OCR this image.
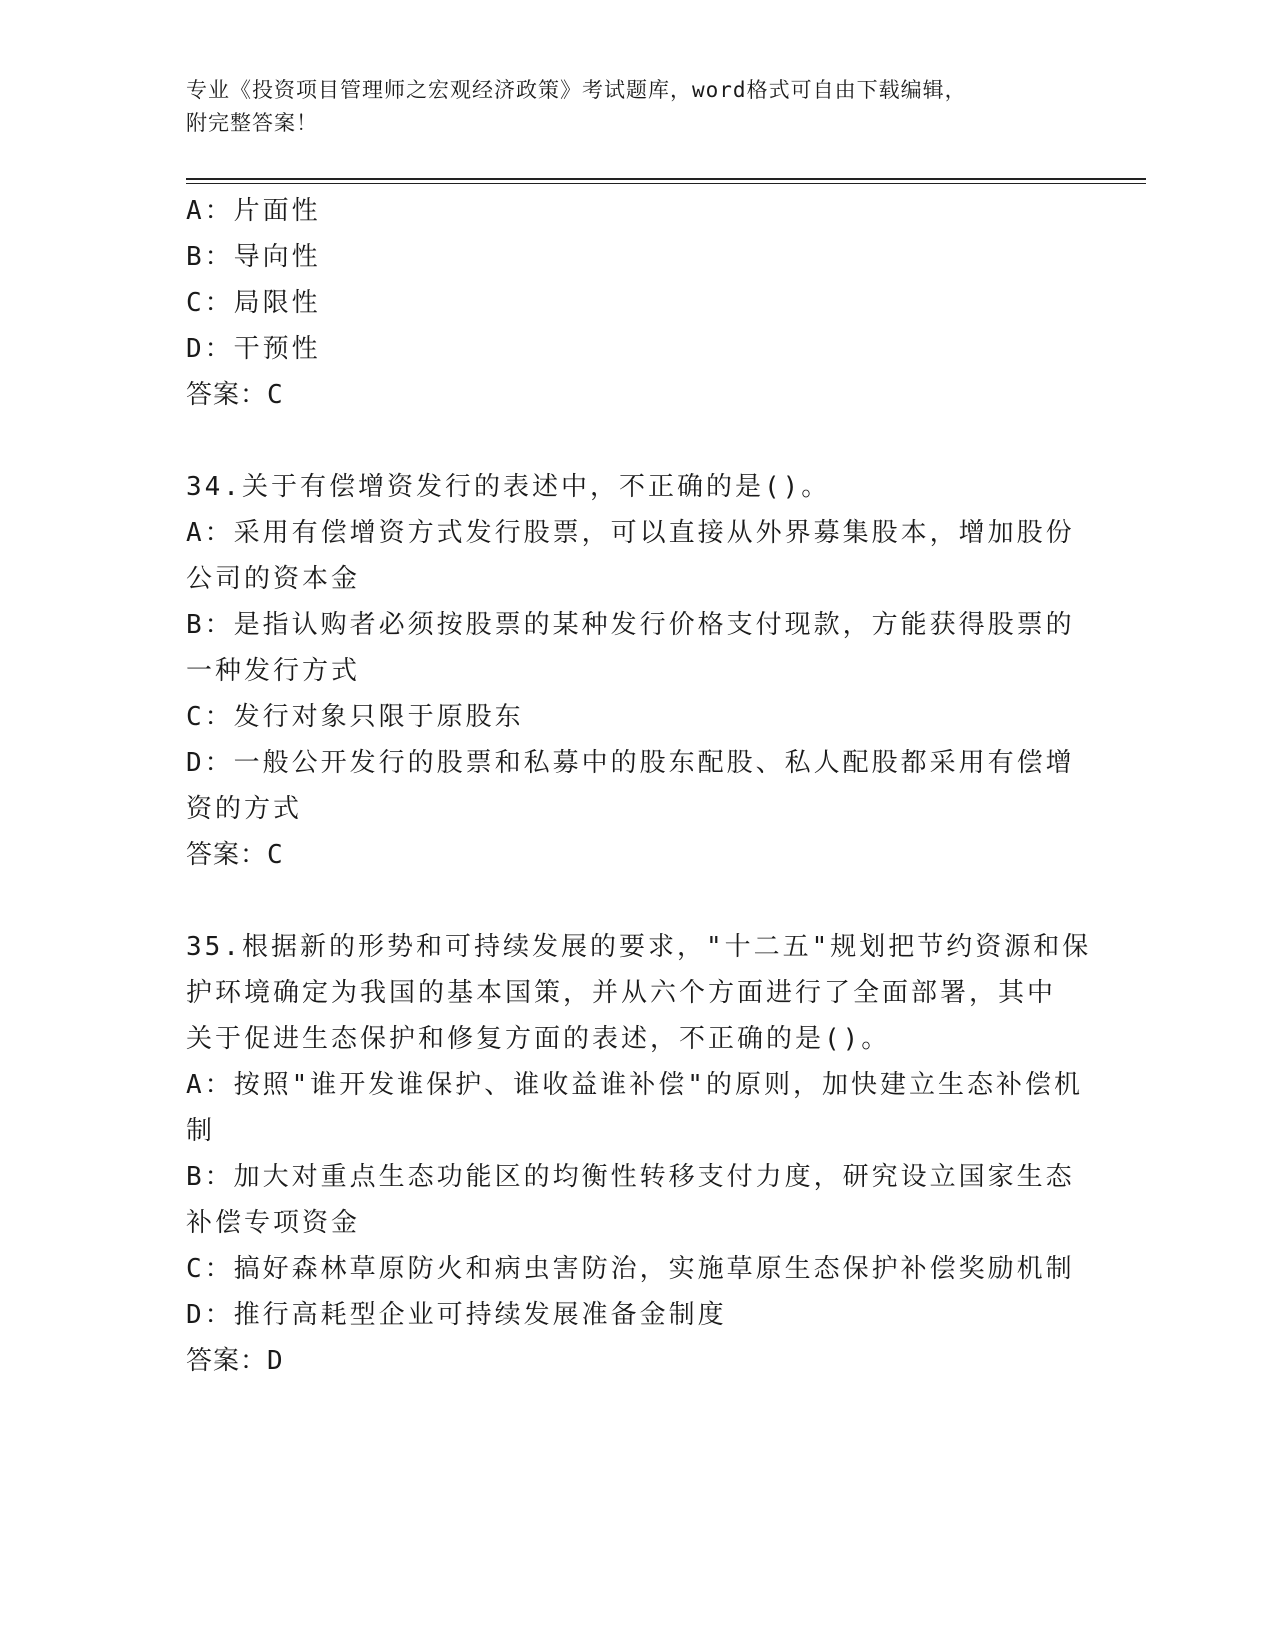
专业《投资项目管理师之宏观经济政策》考试题库，word格式可自由下载编辑，
附完整答案！
A：片面性
B：导向性
C：局限性
D：干预性
答案：C
34.关于有偿增资发行的表述中，不正确的是()。
A：采用有偿增资方式发行股票，可以直接从外界募集股本，增加股份
公司的资本金
B：是指认购者必须按股票的某种发行价格支付现款，方能获得股票的
一种发行方式
C：发行对象只限于原股东
D：一般公开发行的股票和私募中的股东配股、私人配股都采用有偿增
资的方式
答案：C
35.根据新的形势和可持续发展的要求，"十二五"规划把节约资源和保
护环境确定为我国的基本国策，并从六个方面进行了全面部署，其中
关于促进生态保护和修复方面的表述，不正确的是()。
A：按照"谁开发谁保护、谁收益谁补偿"的原则，加快建立生态补偿机
制
B：加大对重点生态功能区的均衡性转移支付力度，研究设立国家生态
补偿专项资金
C：搞好森林草原防火和病虫害防治，实施草原生态保护补偿奖励机制
D：推行高耗型企业可持续发展准备金制度
答案：D
